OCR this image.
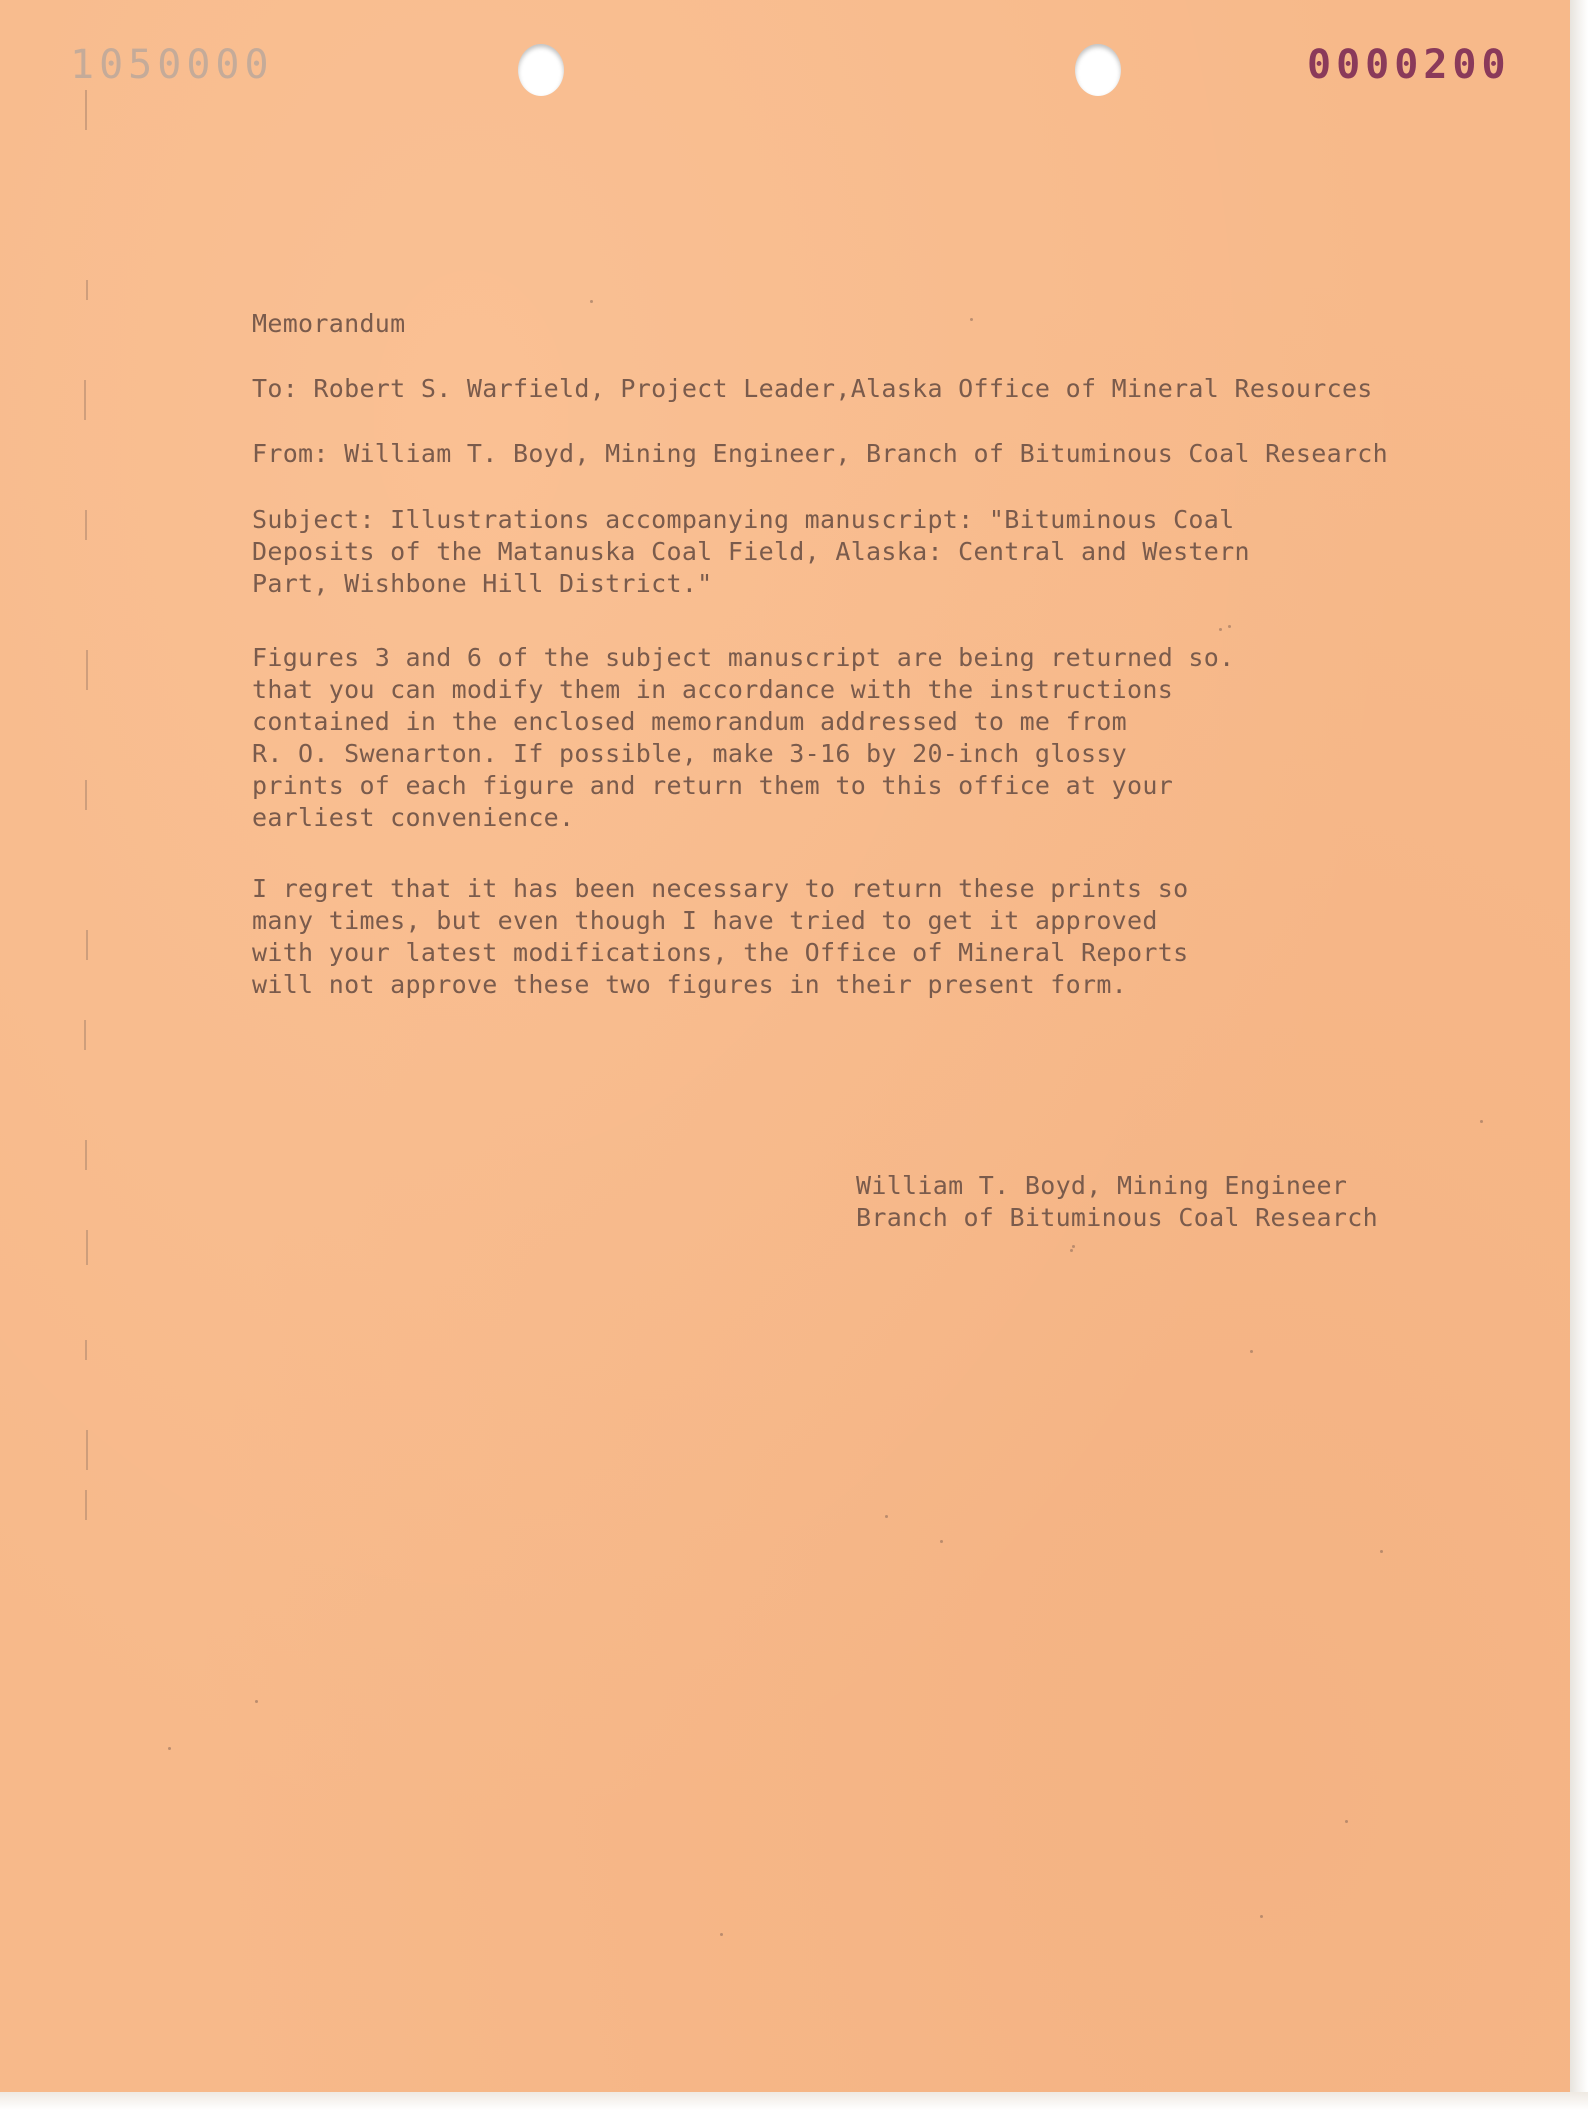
1050000	0000200
Memorandum
To: Robert S. Warfield, Project Leader,Alaska Office of Mineral Resources
From: William T. Boyd, Mining Engineer, Branch of Bituminous Coal Research
Subject: Illustrations accompanying manuscript: "Bituminous Coal
Deposits of the Matanuska Coal Field, Alaska: Central and Western
Part, Wishbone Hill District."
Figures 3 and 6 of the subject manuscript are being returned so.
that you can modify them in accordance with the instructions
contained in the enclosed memorandum addressed to me from
R. O. Swenarton. If possible, make 3-16 by 20-inch glossy
prints of each figure and return them to this office at your
earliest convenience.
I regret that it has been necessary to return these prints so
many times, but even though I have tried to get it approved
with your latest modifications, the Office of Mineral Reports
will not approve these two figures in their present form.
William T. Boyd, Mining Engineer
Branch of Bituminous Coal Research
